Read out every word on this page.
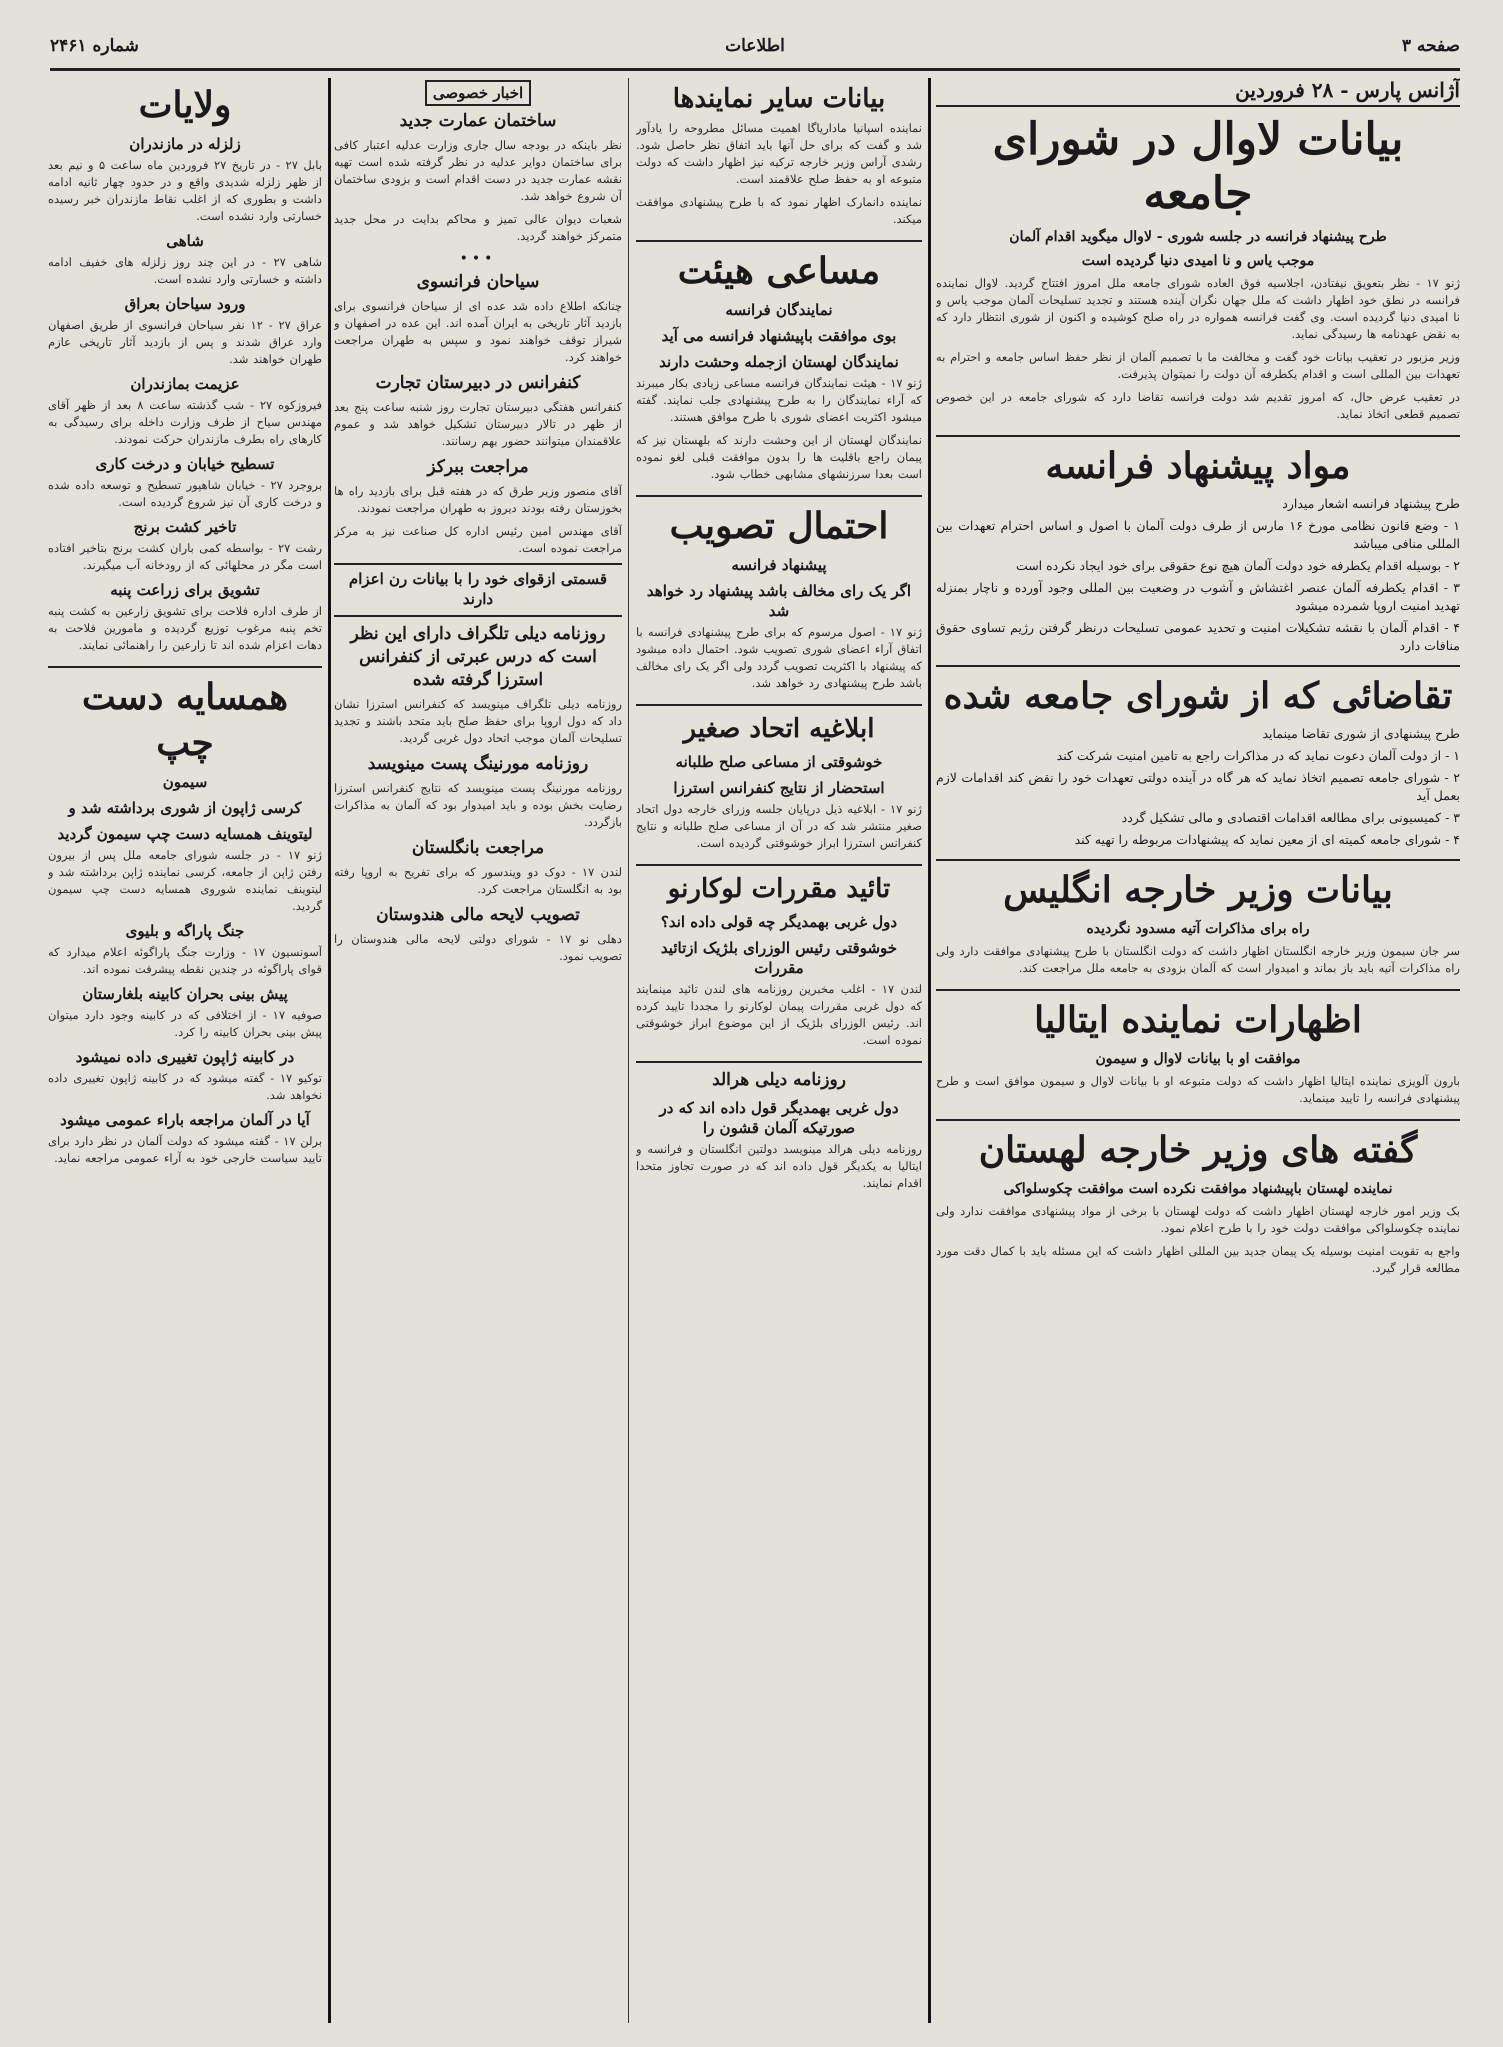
صفحه ۳
اطلاعات
شماره ۲۴۶۱
آژانس پارس - ۲۸ فروردین
بیانات لاوال در شورای جامعه
طرح پیشنهاد فرانسه در جلسه شوری - لاوال میگوید اقدام آلمان
موجب یاس و نا امیدی دنیا گردیده است

ژنو ۱۷ - نظر بتعویق نیفتادن، اجلاسیه فوق العاده شورای جامعه ملل امروز افتتاح گردید. لاوال نماینده فرانسه در نطق خود اظهار داشت که ملل جهان نگران آینده هستند و تجدید تسلیحات آلمان موجب یاس و نا امیدی دنیا گردیده است. وی گفت فرانسه همواره در راه صلح کوشیده و اکنون از شوری انتظار دارد که به نقض عهدنامه ها رسیدگی نماید.

وزیر مزبور در تعقیب بیانات خود گفت و مخالفت ما با تصمیم آلمان از نظر حفظ اساس جامعه و احترام به تعهدات بین المللی است و اقدام یکطرفه آن دولت را نمیتوان پذیرفت.

در تعقیب عرض حال، که امروز تقدیم شد دولت فرانسه تقاضا دارد که شورای جامعه در این خصوص تصمیم قطعی اتخاذ نماید.

مواد پیشنهاد فرانسه
طرح پیشنهاد فرانسه اشعار میدارد
۱ - وضع قانون نظامی مورخ ۱۶ مارس از طرف دولت آلمان با اصول و اساس احترام تعهدات بین المللی منافی میباشد
۲ - بوسیله اقدام یکطرفه خود دولت آلمان هیچ نوع حقوقی برای خود ایجاد نکرده است
۳ - اقدام یکطرفه آلمان عنصر اغتشاش و آشوب در وضعیت بین المللی وجود آورده و ناچار بمنزله تهدید امنیت اروپا شمرده میشود
۴ - اقدام آلمان با نقشه تشکیلات امنیت و تحدید عمومی تسلیحات درنظر گرفتن رژیم تساوی حقوق منافات دارد
تقاضائی که از شورای جامعه شده
طرح پیشنهادی از شوری تقاضا مینماید
۱ - از دولت آلمان دعوت نماید که در مذاکرات راجع به تامین امنیت شرکت کند
۲ - شورای جامعه تصمیم اتخاذ نماید که هر گاه در آینده دولتی تعهدات خود را نقض کند اقدامات لازم بعمل آید
۳ - کمیسیونی برای مطالعه اقدامات اقتصادی و مالی تشکیل گردد
۴ - شورای جامعه کمیته ای از معین نماید که پیشنهادات مربوطه را تهیه کند
بیانات وزیر خارجه انگلیس
راه برای مذاکرات آتیه مسدود نگردیده

سر جان سیمون وزیر خارجه انگلستان اظهار داشت که دولت انگلستان با طرح پیشنهادی موافقت دارد ولی راه مذاکرات آتیه باید باز بماند و امیدوار است که آلمان بزودی به جامعه ملل مراجعت کند.

اظهارات نماینده ایتالیا
موافقت او با بیانات لاوال و سیمون

بارون آلویزی نماینده ایتالیا اظهار داشت که دولت متبوعه او با بیانات لاوال و سیمون موافق است و طرح پیشنهادی فرانسه را تایید مینماید.

گفته های وزیر خارجه لهستان
نماینده لهستان باپیشنهاد موافقت نکرده است موافقت چکوسلواکی

بک وزیر امور خارجه لهستان اظهار داشت که دولت لهستان با برخی از مواد پیشنهادی موافقت ندارد ولی نماینده چکوسلواکی موافقت دولت خود را با طرح اعلام نمود.

واجع به تقویت امنیت بوسیله یک پیمان جدید بین المللی اظهار داشت که این مسئله باید با کمال دقت مورد مطالعه قرار گیرد.

بیانات سایر نمایندها

نماینده اسپانیا ماداریاگا اهمیت مسائل مطروحه را یادآور شد و گفت که برای حل آنها باید اتفاق نظر حاصل شود. رشدی آراس وزیر خارجه ترکیه نیز اظهار داشت که دولت متبوعه او به حفظ صلح علاقمند است.

نماینده دانمارک اظهار نمود که با طرح پیشنهادی موافقت میکند.

مساعی هیئت
نمایندگان فرانسه
بوی موافقت باپیشنهاد فرانسه می آید
نمایندگان لهستان ازجمله وحشت دارند

ژنو ۱۷ - هیئت نمایندگان فرانسه مساعی زیادی بکار میبرند که آراء نمایندگان را به طرح پیشنهادی جلب نمایند. گفته میشود اکثریت اعضای شوری با طرح موافق هستند.

نمایندگان لهستان از این وحشت دارند که بلهستان نیز که پیمان راجع باقلیت ها را بدون موافقت قبلی لغو نموده است بعدا سرزنشهای مشابهی خطاب شود.

احتمال تصویب
پیشنهاد فرانسه
اگر یک رای مخالف باشد پیشنهاد رد خواهد شد

ژنو ۱۷ - اصول مرسوم که برای طرح پیشنهادی فرانسه با اتفاق آراء اعضای شوری تصویب شود. احتمال داده میشود که پیشنهاد با اکثریت تصویب گردد ولی اگر یک رای مخالف باشد طرح پیشنهادی رد خواهد شد.

ابلاغیه اتحاد صغیر
خوشوقتی از مساعی صلح طلبانه
استحضار از نتایج کنفرانس استرزا

ژنو ۱۷ - ابلاغیه ذیل درپایان جلسه وزرای خارجه دول اتحاد صغیر منتشر شد که در آن از مساعی صلح طلبانه و نتایج کنفرانس استرزا ابراز خوشوقتی گردیده است.

تائید مقررات لوکارنو
دول غربی بهمدیگر چه قولی داده اند؟
خوشوقتی رئیس الوزرای بلژیک ازتائید مقررات

لندن ۱۷ - اغلب مخبرین روزنامه های لندن تائید مینمایند که دول غربی مقررات پیمان لوکارنو را مجددا تایید کرده اند. رئیس الوزرای بلژیک از این موضوع ابراز خوشوقتی نموده است.

روزنامه دیلی هرالد
دول غربی بهمدیگر قول داده اند که در صورتیکه آلمان قشون را

روزنامه دیلی هرالد مینویسد دولتین انگلستان و فرانسه و ایتالیا به یکدیگر قول داده اند که در صورت تجاوز متحدا اقدام نمایند.

اخبار خصوصی
ساختمان عمارت جدید

نظر باینکه در بودجه سال جاری وزارت عدلیه اعتبار کافی برای ساختمان دوایر عدلیه در نظر گرفته شده است تهیه نقشه عمارت جدید در دست اقدام است و بزودی ساختمان آن شروع خواهد شد.

شعبات دیوان عالی تمیز و محاکم بدایت در محل جدید متمرکز خواهند گردید.

•••
سیاحان فرانسوی

چنانکه اطلاع داده شد عده ای از سیاحان فرانسوی برای بازدید آثار تاریخی به ایران آمده اند. این عده در اصفهان و شیراز توقف خواهند نمود و سپس به طهران مراجعت خواهند کرد.

کنفرانس در دبیرستان تجارت

کنفرانس هفتگی دبیرستان تجارت روز شنبه ساعت پنج بعد از ظهر در تالار دبیرستان تشکیل خواهد شد و عموم علاقمندان میتوانند حضور بهم رسانند.

مراجعت ببرکز

آقای منصور وزیر طرق که در هفته قبل برای بازدید راه ها بخوزستان رفته بودند دیروز به طهران مراجعت نمودند.

آقای مهندس امین رئیس اداره کل صناعت نیز به مرکز مراجعت نموده است.

قسمتی ازقوای خود را با بیانات رن اعزام دارند
روزنامه دیلی تلگراف دارای این نظر است که درس عبرتی از کنفرانس استرزا گرفته شده

روزنامه دیلی تلگراف مینویسد که کنفرانس استرزا نشان داد که دول اروپا برای حفظ صلح باید متحد باشند و تجدید تسلیحات آلمان موجب اتحاد دول غربی گردید.

روزنامه مورنینگ پست مینویسد

روزنامه مورنینگ پست مینویسد که نتایج کنفرانس استرزا رضایت بخش بوده و باید امیدوار بود که آلمان به مذاکرات بازگردد.

مراجعت بانگلستان

لندن ۱۷ - دوک دو ویندسور که برای تفریح به اروپا رفته بود به انگلستان مراجعت کرد.

تصویب لایحه مالی هندوستان

دهلی نو ۱۷ - شورای دولتی لایحه مالی هندوستان را تصویب نمود.

ولایات
زلزله در مازندران

بابل ۲۷ - در تاریخ ۲۷ فروردین ماه ساعت ۵ و نیم بعد از ظهر زلزله شدیدی واقع و در حدود چهار ثانیه ادامه داشت و بطوری که از اغلب نقاط مازندران خبر رسیده خسارتی وارد نشده است.

شاهی

شاهی ۲۷ - در این چند روز زلزله های خفیف ادامه داشته و خسارتی وارد نشده است.

ورود سیاحان بعراق

عراق ۲۷ - ۱۲ نفر سیاحان فرانسوی از طریق اصفهان وارد عراق شدند و پس از بازدید آثار تاریخی عازم طهران خواهند شد.

عزیمت بمازندران

فیروزکوه ۲۷ - شب گذشته ساعت ۸ بعد از ظهر آقای مهندس سیاح از طرف وزارت داخله برای رسیدگی به کارهای راه بطرف مازندران حرکت نمودند.

تسطیح خیابان و درخت کاری

بروجرد ۲۷ - خیابان شاهپور تسطیح و توسعه داده شده و درخت کاری آن نیز شروع گردیده است.

تاخیر کشت برنج

رشت ۲۷ - بواسطه کمی باران کشت برنج بتاخیر افتاده است مگر در محلهائی که از رودخانه آب میگیرند.

تشویق برای زراعت پنبه

از طرف اداره فلاحت برای تشویق زارعین به کشت پنبه تخم پنبه مرغوب توزیع گردیده و مامورین فلاحت به دهات اعزام شده اند تا زارعین را راهنمائی نمایند.

همسایه دست چپ
سیمون
کرسی ژاپون از شوری برداشته شد و
لیتوینف همسایه دست چپ سیمون گردید

ژنو ۱۷ - در جلسه شورای جامعه ملل پس از بیرون رفتن ژاپن از جامعه، کرسی نماینده ژاپن برداشته شد و لیتوینف نماینده شوروی همسایه دست چپ سیمون گردید.

جنگ پاراگه و بلیوی

آسونسیون ۱۷ - وزارت جنگ پاراگوئه اعلام میدارد که قوای پاراگوئه در چندین نقطه پیشرفت نموده اند.

پیش بینی بحران کابینه بلغارستان

صوفیه ۱۷ - از اختلافی که در کابینه وجود دارد میتوان پیش بینی بحران کابینه را کرد.

در کابینه ژاپون تغییری داده نمیشود

توکیو ۱۷ - گفته میشود که در کابینه ژاپون تغییری داده نخواهد شد.

آیا در آلمان مراجعه باراء عمومی میشود

برلن ۱۷ - گفته میشود که دولت آلمان در نظر دارد برای تایید سیاست خارجی خود به آراء عمومی مراجعه نماید.
